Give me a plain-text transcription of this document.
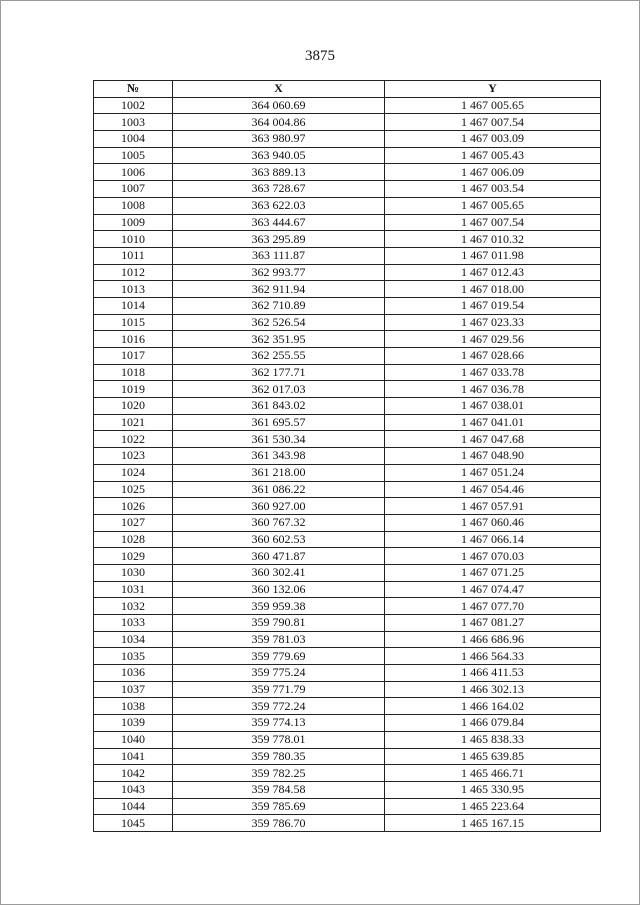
3875
№	X	Y
1002	364 060.69	1 467 005.65
1003	364 004.86	1 467 007.54
1004	363 980.97	1 467 003.09
1005	363 940.05	1 467 005.43
1006	363 889.13	1 467 006.09
1007	363 728.67	1 467 003.54
1008	363 622.03	1 467 005.65
1009	363 444.67	1 467 007.54
1010	363 295.89	1 467 010.32
1011	363 111.87	1 467 011.98
1012	362 993.77	1 467 012.43
1013	362 911.94	1 467 018.00
1014	362 710.89	1 467 019.54
1015	362 526.54	1 467 023.33
1016	362 351.95	1 467 029.56
1017	362 255.55	1 467 028.66
1018	362 177.71	1 467 033.78
1019	362 017.03	1 467 036.78
1020	361 843.02	1 467 038.01
1021	361 695.57	1 467 041.01
1022	361 530.34	1 467 047.68
1023	361 343.98	1 467 048.90
1024	361 218.00	1 467 051.24
1025	361 086.22	1 467 054.46
1026	360 927.00	1 467 057.91
1027	360 767.32	1 467 060.46
1028	360 602.53	1 467 066.14
1029	360 471.87	1 467 070.03
1030	360 302.41	1 467 071.25
1031	360 132.06	1 467 074.47
1032	359 959.38	1 467 077.70
1033	359 790.81	1 467 081.27
1034	359 781.03	1 466 686.96
1035	359 779.69	1 466 564.33
1036	359 775.24	1 466 411.53
1037	359 771.79	1 466 302.13
1038	359 772.24	1 466 164.02
1039	359 774.13	1 466 079.84
1040	359 778.01	1 465 838.33
1041	359 780.35	1 465 639.85
1042	359 782.25	1 465 466.71
1043	359 784.58	1 465 330.95
1044	359 785.69	1 465 223.64
1045	359 786.70	1 465 167.15
